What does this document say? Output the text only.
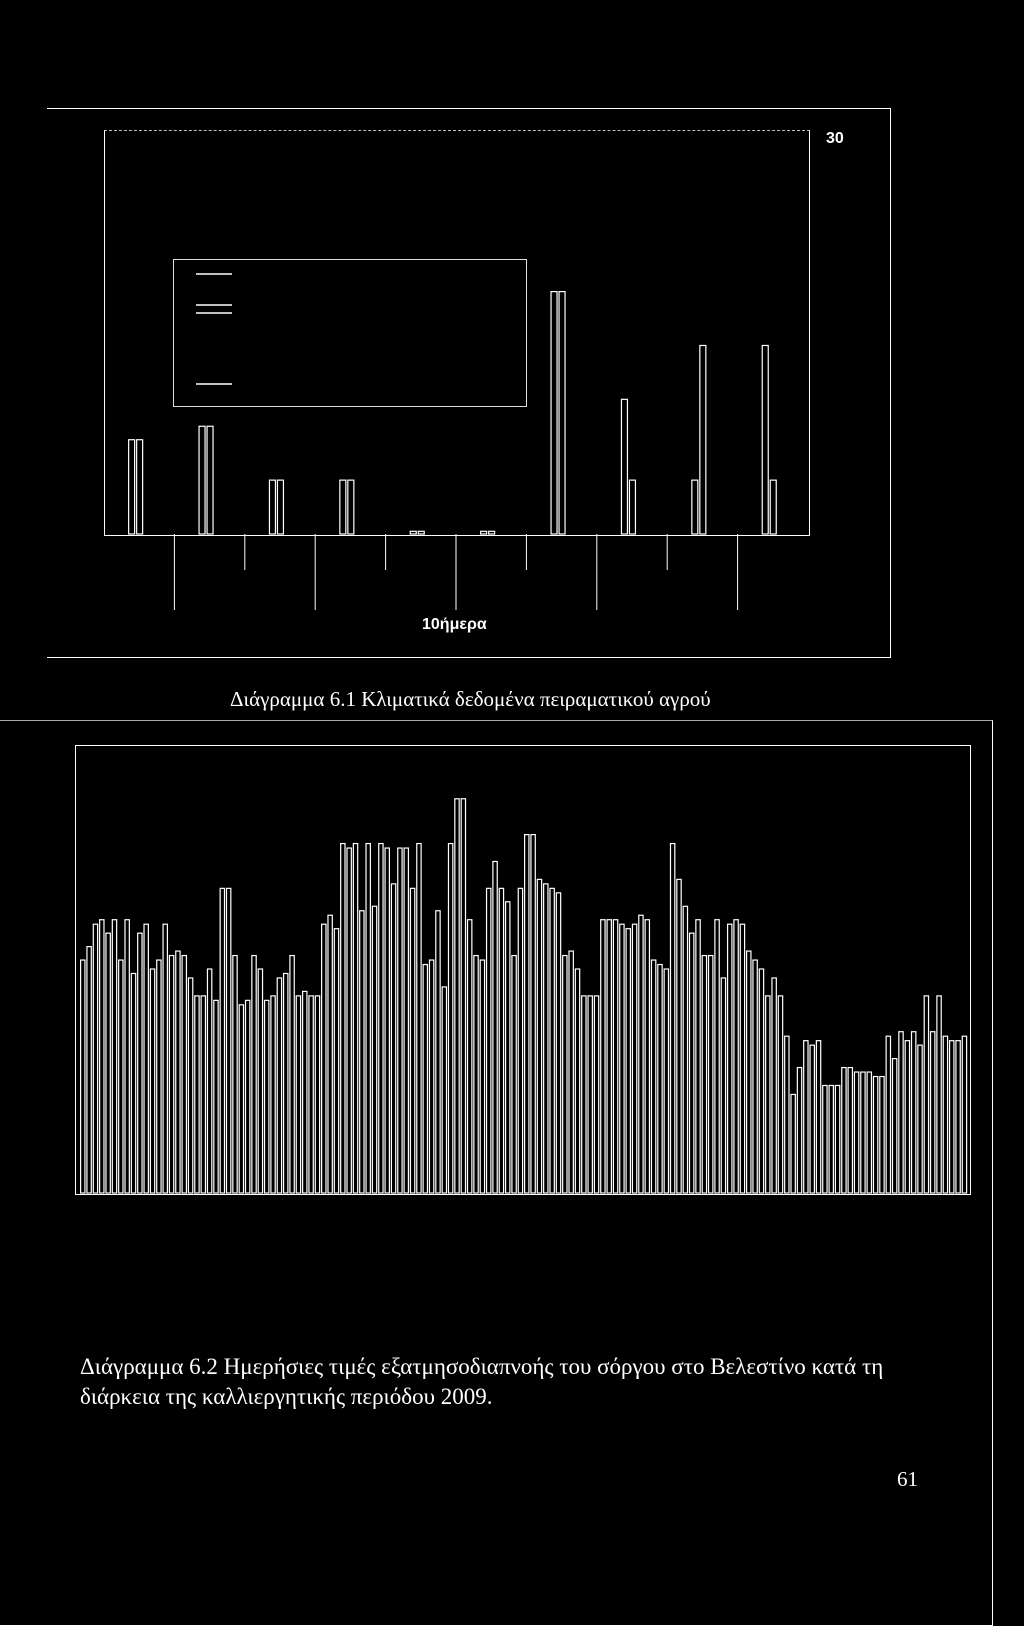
30
10ήμερα
Διάγραμμα 6.1 Κλιματικά δεδομένα πειραματικού αγρού
Διάγραμμα 6.2 Ημερήσιες τιμές εξατμησοδιαπνοής του σόργου στο Βελεστίνο κατά τη
διάρκεια της καλλιεργητικής περιόδου 2009.
61
